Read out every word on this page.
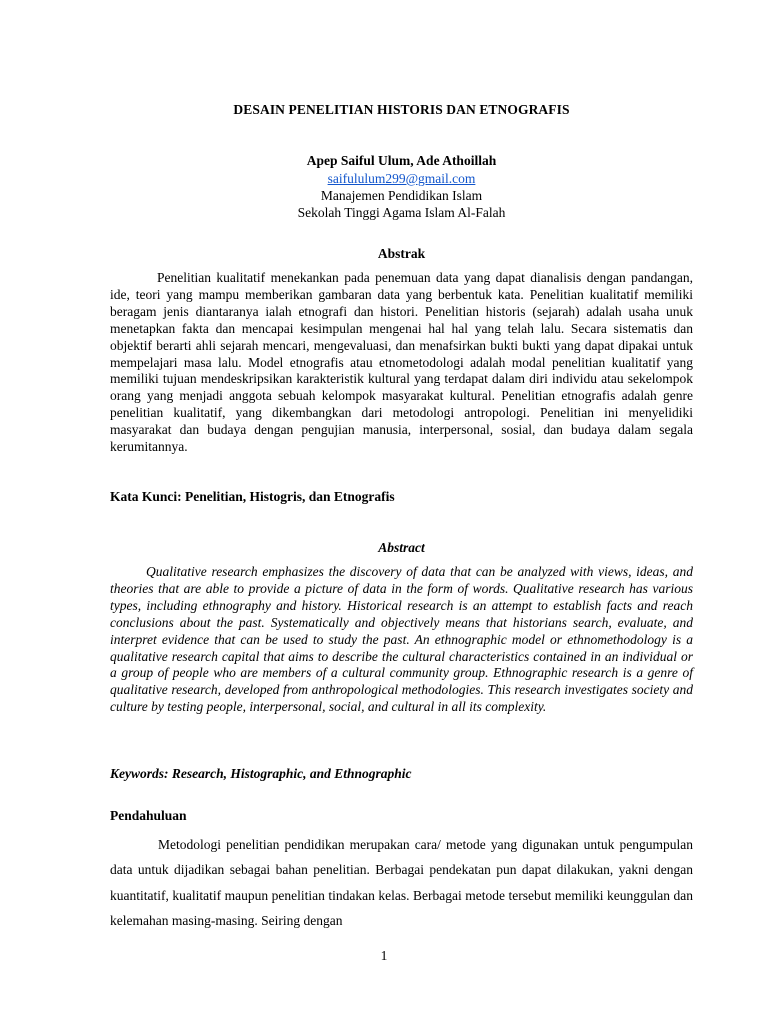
DESAIN PENELITIAN HISTORIS DAN ETNOGRAFIS
Apep Saiful Ulum, Ade Athoillah
saifululum299@gmail.com
Manajemen Pendidikan Islam
Sekolah Tinggi Agama Islam Al-Falah
Abstrak

Penelitian kualitatif menekankan pada penemuan data yang dapat dianalisis dengan pandangan, ide, teori yang mampu memberikan gambaran data yang berbentuk kata. Penelitian kualitatif memiliki beragam jenis diantaranya ialah etnografi dan histori. Penelitian historis (sejarah) adalah usaha unuk menetapkan fakta dan mencapai kesimpulan mengenai hal hal yang telah lalu. Secara sistematis dan objektif berarti ahli sejarah mencari, mengevaluasi, dan menafsirkan bukti bukti yang dapat dipakai untuk mempelajari masa lalu. Model etnografis atau etnometodologi adalah modal penelitian kualitatif yang memiliki tujuan mendeskripsikan karakteristik kultural yang terdapat dalam diri individu atau sekelompok orang yang menjadi anggota sebuah kelompok masyarakat kultural. Penelitian etnografis adalah genre penelitian kualitatif, yang dikembangkan dari metodologi antropologi. Penelitian ini menyelidiki masyarakat dan budaya dengan pengujian manusia, interpersonal, sosial, dan budaya dalam segala kerumitannya.

Kata Kunci: Penelitian, Histogris, dan Etnografis
Abstract

Qualitative research emphasizes the discovery of data that can be analyzed with views, ideas, and theories that are able to provide a picture of data in the form of words. Qualitative research has various types, including ethnography and history. Historical research is an attempt to establish facts and reach conclusions about the past. Systematically and objectively means that historians search, evaluate, and interpret evidence that can be used to study the past. An ethnographic model or ethnomethodology is a qualitative research capital that aims to describe the cultural characteristics contained in an individual or a group of people who are members of a cultural community group. Ethnographic research is a genre of qualitative research, developed from anthropological methodologies. This research investigates society and culture by testing people, interpersonal, social, and cultural in all its complexity.

Keywords: Research, Histographic, and Ethnographic
Pendahuluan

Metodologi penelitian pendidikan merupakan cara/ metode yang digunakan untuk pengumpulan data untuk dijadikan sebagai bahan penelitian. Berbagai pendekatan pun dapat dilakukan, yakni dengan kuantitatif, kualitatif maupun penelitian tindakan kelas. Berbagai metode tersebut memiliki keunggulan dan kelemahan masing-masing. Seiring dengan

1
